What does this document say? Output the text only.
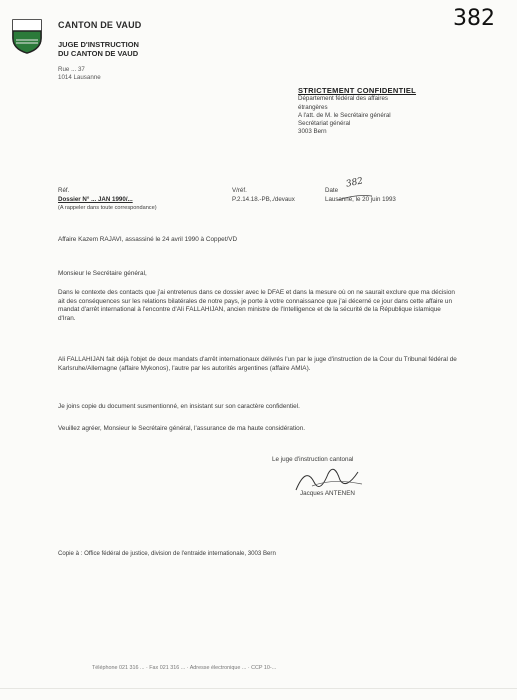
CANTON DE VAUD
JUGE D'INSTRUCTION
DU CANTON DE VAUD
Rue ... 37
1014 Lausanne
382
STRICTEMENT CONFIDENTIEL
Département fédéral des affaires
étrangères
A l'att. de M. le Secrétaire général
Secrétariat général
3003 Bern
Réf.
Dossier N° ... JAN 1990/...
(A rappeler dans toute correspondance)
V/réf.
P.2.14.18.-PB,./devaux
Date
Lausanne, le 20 juin 1993
382
Affaire Kazem RAJAVI, assassiné le 24 avril 1990 à Coppet/VD
Monsieur le Secrétaire général,
Dans le contexte des contacts que j'ai entretenus dans ce dossier avec le DFAE et dans la mesure où on ne saurait exclure que ma décision ait des conséquences sur les relations bilatérales de notre pays, je porte à votre connaissance que j'ai décerné ce jour dans cette affaire un mandat d'arrêt international à l'encontre d'Ali FALLAHIJAN, ancien ministre de l'Intelligence et de la sécurité de la République islamique d'Iran.
Ali FALLAHIJAN fait déjà l'objet de deux mandats d'arrêt internationaux délivrés l'un par le juge d'instruction de la Cour du Tribunal fédéral de Karlsruhe/Allemagne (affaire Mykonos), l'autre par les autorités argentines (affaire AMIA).
Je joins copie du document susmentionné, en insistant sur son caractère confidentiel.
Veuillez agréer, Monsieur le Secrétaire général, l'assurance de ma haute considération.
Le juge d'instruction cantonal
Jacques ANTENEN
Copie à : Office fédéral de justice, division de l'entraide internationale, 3003 Bern
Téléphone 021 316 ... · Fax 021 316 ... · Adresse électronique ... · CCP 10-...
